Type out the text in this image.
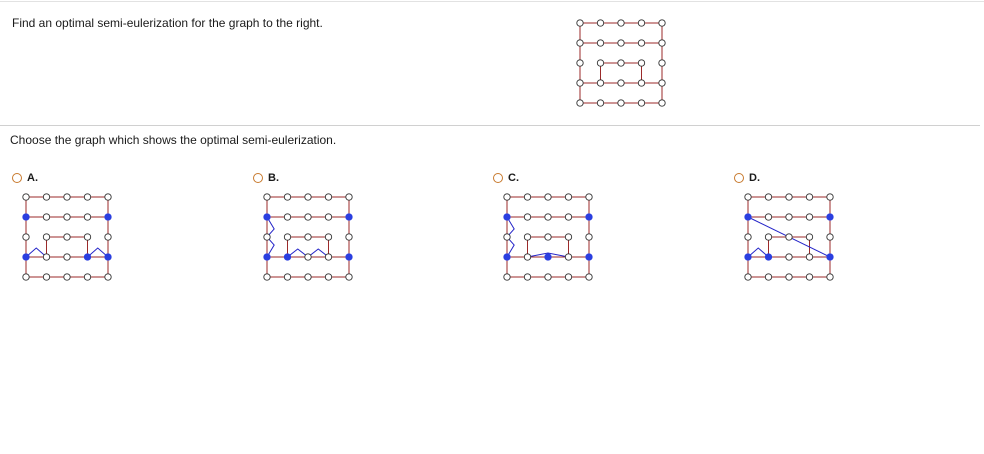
Find an optimal semi-eulerization for the graph to the right.
Choose the graph which shows the optimal semi-eulerization.
A.	B.	C.	D.
